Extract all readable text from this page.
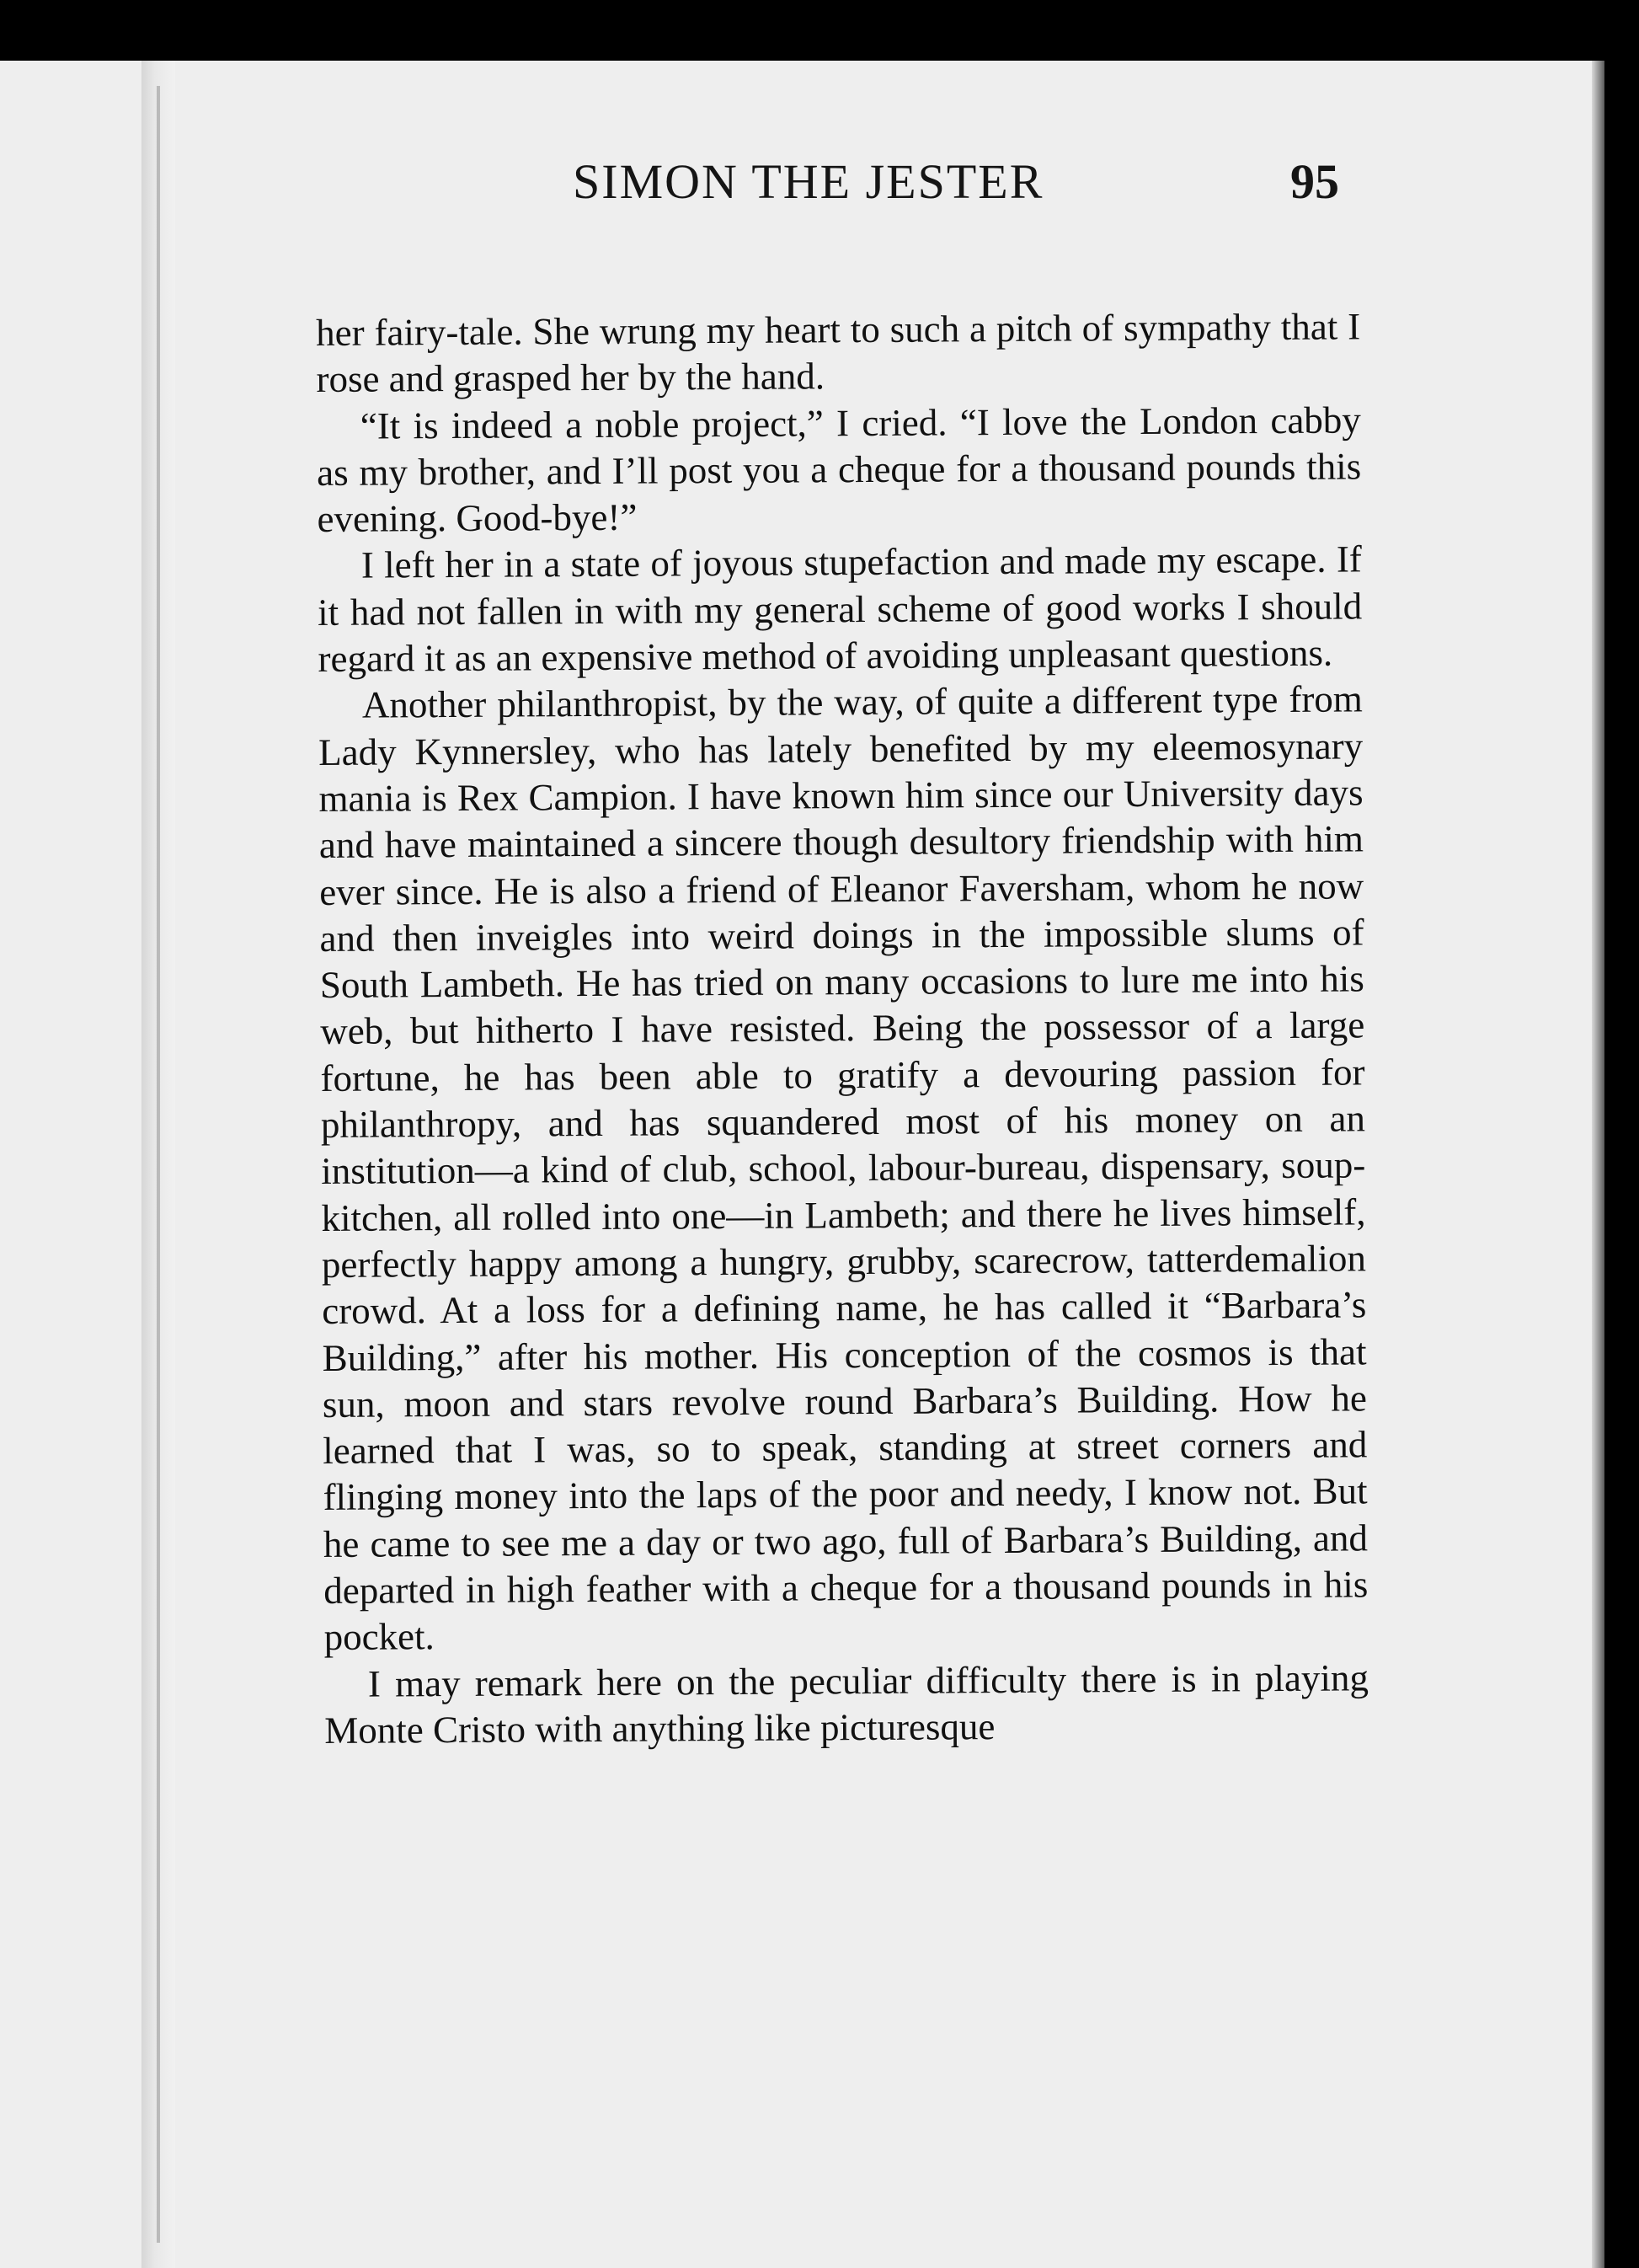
SIMON THE JESTER	95

her fairy-tale. She wrung my heart to such a pitch of sympathy that I rose and grasped her by the hand.

“It is indeed a noble project,” I cried. “I love the London cabby as my brother, and I’ll post you a cheque for a thousand pounds this evening. Good-bye!”

I left her in a state of joyous stupefaction and made my escape. If it had not fallen in with my general scheme of good works I should regard it as an expensive method of avoiding unpleasant questions.

Another philanthropist, by the way, of quite a different type from Lady Kynnersley, who has lately benefited by my eleemosynary mania is Rex Campion. I have known him since our University days and have maintained a sincere though desultory friendship with him ever since. He is also a friend of Eleanor Faversham, whom he now and then inveigles into weird doings in the impossible slums of South Lambeth. He has tried on many occasions to lure me into his web, but hitherto I have resisted. Being the possessor of a large fortune, he has been able to gratify a devouring passion for philanthropy, and has squandered most of his money on an institution—a kind of club, school, labour-bureau, dispensary, soup-kitchen, all rolled into one—in Lambeth; and there he lives himself, perfectly happy among a hungry, grubby, scarecrow, tatterdemalion crowd. At a loss for a defining name, he has called it “Barbara’s Building,” after his mother. His conception of the cosmos is that sun, moon and stars revolve round Barbara’s Building. How he learned that I was, so to speak, standing at street corners and flinging money into the laps of the poor and needy, I know not. But he came to see me a day or two ago, full of Barbara’s Building, and departed in high feather with a cheque for a thousand pounds in his pocket.

I may remark here on the peculiar difficulty there is in playing Monte Cristo with anything like picturesque
